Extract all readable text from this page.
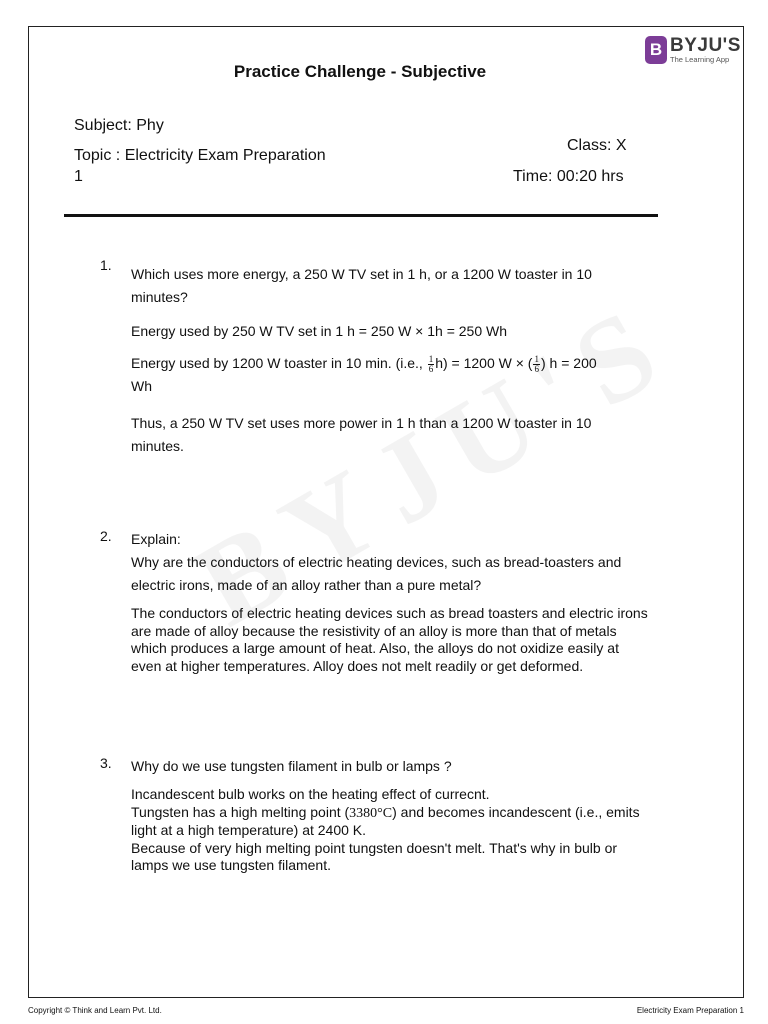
B BYJU'S
The Learning App
Practice Challenge - Subjective
Subject: Phy
Topic : Electricity Exam Preparation
1
Class: X
Time: 00:20 hrs
1.
Which uses more energy, a 250 W TV set in 1 h, or a 1200 W toaster in 10 minutes?
Energy used by 250 W TV set in 1 h = 250 W × 1h = 250 Wh
Energy used by 1200 W toaster in 10 min. (i.e., $\frac{1}{6} h) = 1200$ W × ( $\frac{1}{6}$ ) h = 200
Wh
Thus, a 250 W TV set uses more power in 1 h than a 1200 W toaster in 10 minutes.
2. Explain:
Why are the conductors of electric heating devices, such as bread-toasters and electric irons, made of an alloy rather than a pure metal?
The conductors of electric heating devices such as bread toasters and electric irons are made of alloy because the resistivity of an alloy is more than that of metals which produces a large amount of heat. Also, the alloys do not oxidize easily at even at higher temperatures. Alloy does not melt readily or get deformed.
3. Why do we use tungsten filament in bulb or lamps ?
Incandescent bulb works on the heating effect of currecnt.
Tungsten has a high melting point (3380°C) and becomes incandescent (i.e., emits light at a high temperature) at 2400 K.
Because of very high melting point tungsten doesn't melt. That's why in bulb or lamps we use tungsten filament.
Copyright © Think and Learn Pvt. Ltd.	Electricity Exam Preparation 1
